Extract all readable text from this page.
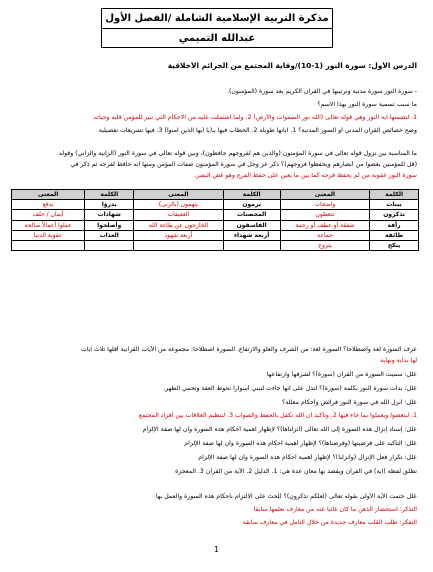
مذكرة التربية الإسلامية الشاملة /الفصل الأول
عبدالله التميمي
الدرس الأول: سورة النور (1-10)/وقاية المجتمع من الجرائم الأخلاقية
- سورة النور سورة مدنية وترتيبها في القرآن الكريم بعد سورة (المؤمنون).
ما سبب تسمية سورة النور بهذا الاسم؟
1. لتضمنها آية النور وهي قوله تعالى (الله نور السموات والأرض) 2. ولما اشتملت عليه من الاحكام التي تنير للمؤمن قلبه وحياته.
وضح خصائص القرآن المدني أو السور المدنية؟ 1. آياتها طويلة 2. الخطاب فيها بـ(يا أيها الذين آمنوا) 3. فيها تشريعات تفصيلية
ما المناسبة بين نزول قوله تعالى في سورة المؤمنون:(والذين هم لفروجهم حافظون)، وبين قوله تعالى في سورة النور (الزانية والزاني) وقوله
(قل للمؤمنين يغضوا من أبصارهم ويحفظوا فروجهم)؟ ذكر عز وجل في سورة المؤمنون صفات المؤمن ومنها أنه حافظ لفرجه ثم ذكر في
سورة النور عقوبة من لم يحفظ فرجه كما بين ما يعين على حفظ الفرج وهو غض البصر.
الكلمة	المعنى	الكلمة	المعنى	الكلمة	المعنى
بينات	واضحات	يرمون	يتهمون (بالزنى)	يدرؤا	يدفع
تذكرون	تتعظون	المحصنات	العفيفات	شهادات	أيمان / حلف
رأفة	شفقة أو عطف أو رحمة	الفاسقون	الخارجون عن طاعة الله	وأصلحوا	عملوا أعمالاً صالحة
طائفة	جماعة	أربعة شهداء	أربعة شهود	العذاب	عقوبة الدنيا
ينكح	يتزوج				
عرف السورة لغة واصطلاحاً؟ السورة لغة: من الشرف والعلو والارتفاع. السورة اصطلاحاً: مجموعة من الآيات القرآنية أقلها ثلاث آيات
لها بداية ونهاية
علل: سميت السورة من القرآن (سورة)؟ لشرفها وارتفاعها
علل: بدأت سورة النور بكلمة (سورة)؟ لتدل على أنها جاءت لتبني أسوارا تحوط العفة وتحمي الطهر.
علل: أنزل الله في سورة النور فرائض وأحكام معللة؟
1. ليتعضوا ويعملوا بما جاء فيها 2. وتأكيد أن الله تكفل بالحفظ والصواب 3. لتنظيم العلاقات بين أفراد المجتمع
علل: إسناد إنزال هذه السورة إلى الله تعالى (أنزلناها)؟ لإظهار أهمية أحكام هذه السورة وأن لها صفة الإلزام
علل: التأكيد على فرضيتها (وفرضناها)؟ لإظهار أهمية أحكام هذه السورة وأن لها صفة الإلزام
علل: تكرار فعل الإنزال (وأنزلنا)؟ لإظهار أهمية أحكام هذه السورة وأن لها صفة الإلزام
تطلق لفظة (آية) في القرآن ويقصد بها معان عدة هي: 1. الدليل 2. الآية من القرآن 3. المعجزة
علل ختمت الآية الأولى بقوله تعالى (لعلكم تذكرون)؟ للحث على الالتزام بأحكام هذه السورة والعمل بها
التذكر: استحضار الذهن ما كان غائبا عنه من معارف تعلمها سابقا
التفكر: طلب القلب معارف جديدة من خلال التأمل في معارف سابقة
1
